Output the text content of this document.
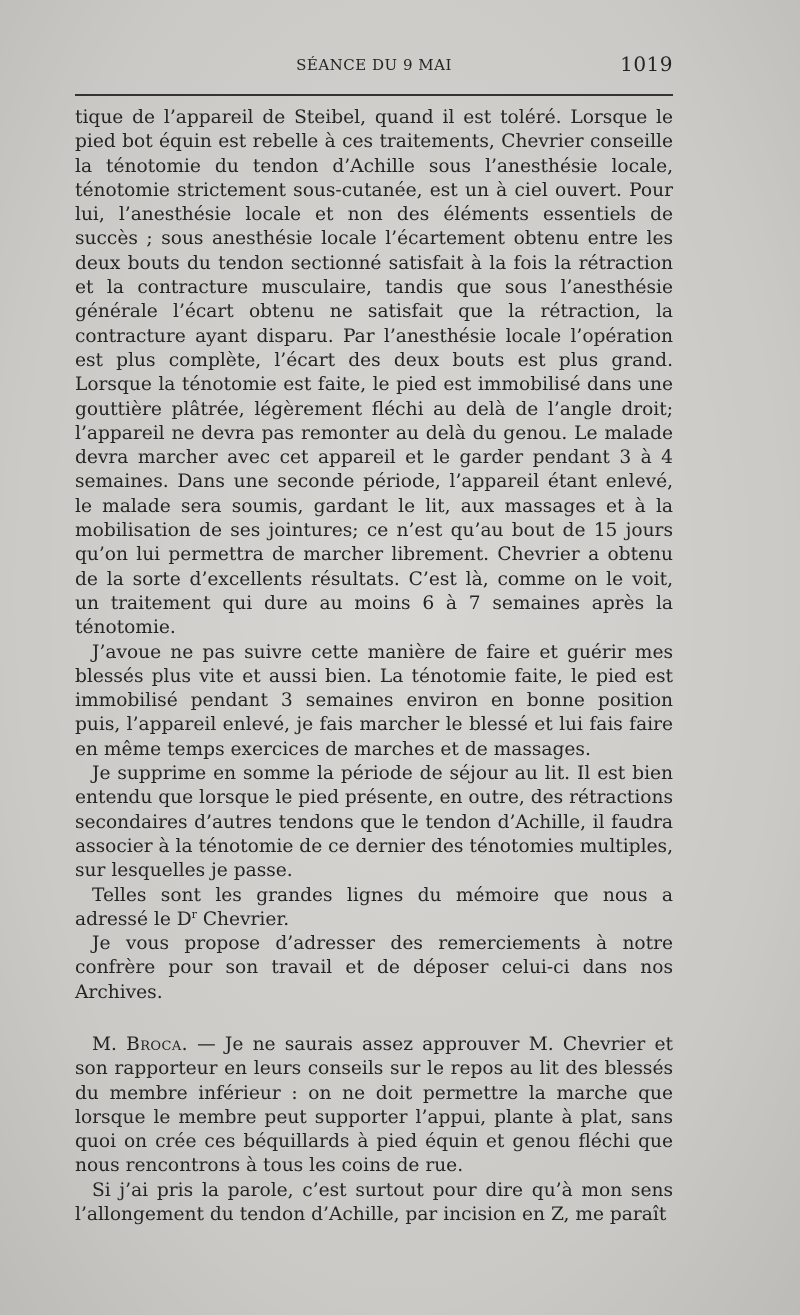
SÉANCE DU 9 MAI	1019

tique de l’appareil de Steibel, quand il est toléré. Lorsque le pied bot équin est rebelle à ces traitements, Chevrier conseille la ténotomie du tendon d’Achille sous l’anesthésie locale, ténotomie strictement sous-cutanée, est un à ciel ouvert. Pour lui, l’anesthésie locale et non des éléments essentiels de succès ; sous anesthésie locale l’écartement obtenu entre les deux bouts du tendon sectionné satisfait à la fois la rétraction et la contracture musculaire, tandis que sous l’anesthésie générale l’écart obtenu ne satisfait que la rétraction, la contracture ayant disparu. Par l’anesthésie locale l’opération est plus complète, l’écart des deux bouts est plus grand. Lorsque la ténotomie est faite, le pied est immobilisé dans une gouttière plâtrée, légèrement fléchi au delà de l’angle droit; l’appareil ne devra pas remonter au delà du genou. Le malade devra marcher avec cet appareil et le garder pendant 3 à 4 semaines. Dans une seconde période, l’appareil étant enlevé, le malade sera soumis, gardant le lit, aux massages et à la mobilisation de ses jointures; ce n’est qu’au bout de 15 jours qu’on lui permettra de marcher librement. Chevrier a obtenu de la sorte d’excellents résultats. C’est là, comme on le voit, un traitement qui dure au moins 6 à 7 semaines après la ténotomie.

J’avoue ne pas suivre cette manière de faire et guérir mes blessés plus vite et aussi bien. La ténotomie faite, le pied est immobilisé pendant 3 semaines environ en bonne position puis, l’appareil enlevé, je fais marcher le blessé et lui fais faire en même temps exercices de marches et de massages.

Je supprime en somme la période de séjour au lit. Il est bien entendu que lorsque le pied présente, en outre, des rétractions secondaires d’autres tendons que le tendon d’Achille, il faudra associer à la ténotomie de ce dernier des ténotomies multiples, sur lesquelles je passe.

Telles sont les grandes lignes du mémoire que nous a adressé le $D^r$ Chevrier.

Je vous propose d’adresser des remerciements à notre confrère pour son travail et de déposer celui-ci dans nos Archives.

M. Broca. — Je ne saurais assez approuver M. Chevrier et son rapporteur en leurs conseils sur le repos au lit des blessés du membre inférieur : on ne doit permettre la marche que lorsque le membre peut supporter l’appui, plante à plat, sans quoi on crée ces béquillards à pied équin et genou fléchi que nous rencontrons à tous les coins de rue.

Si j’ai pris la parole, c’est surtout pour dire qu’à mon sens l’allongement du tendon d’Achille, par incision en Z, me paraît
